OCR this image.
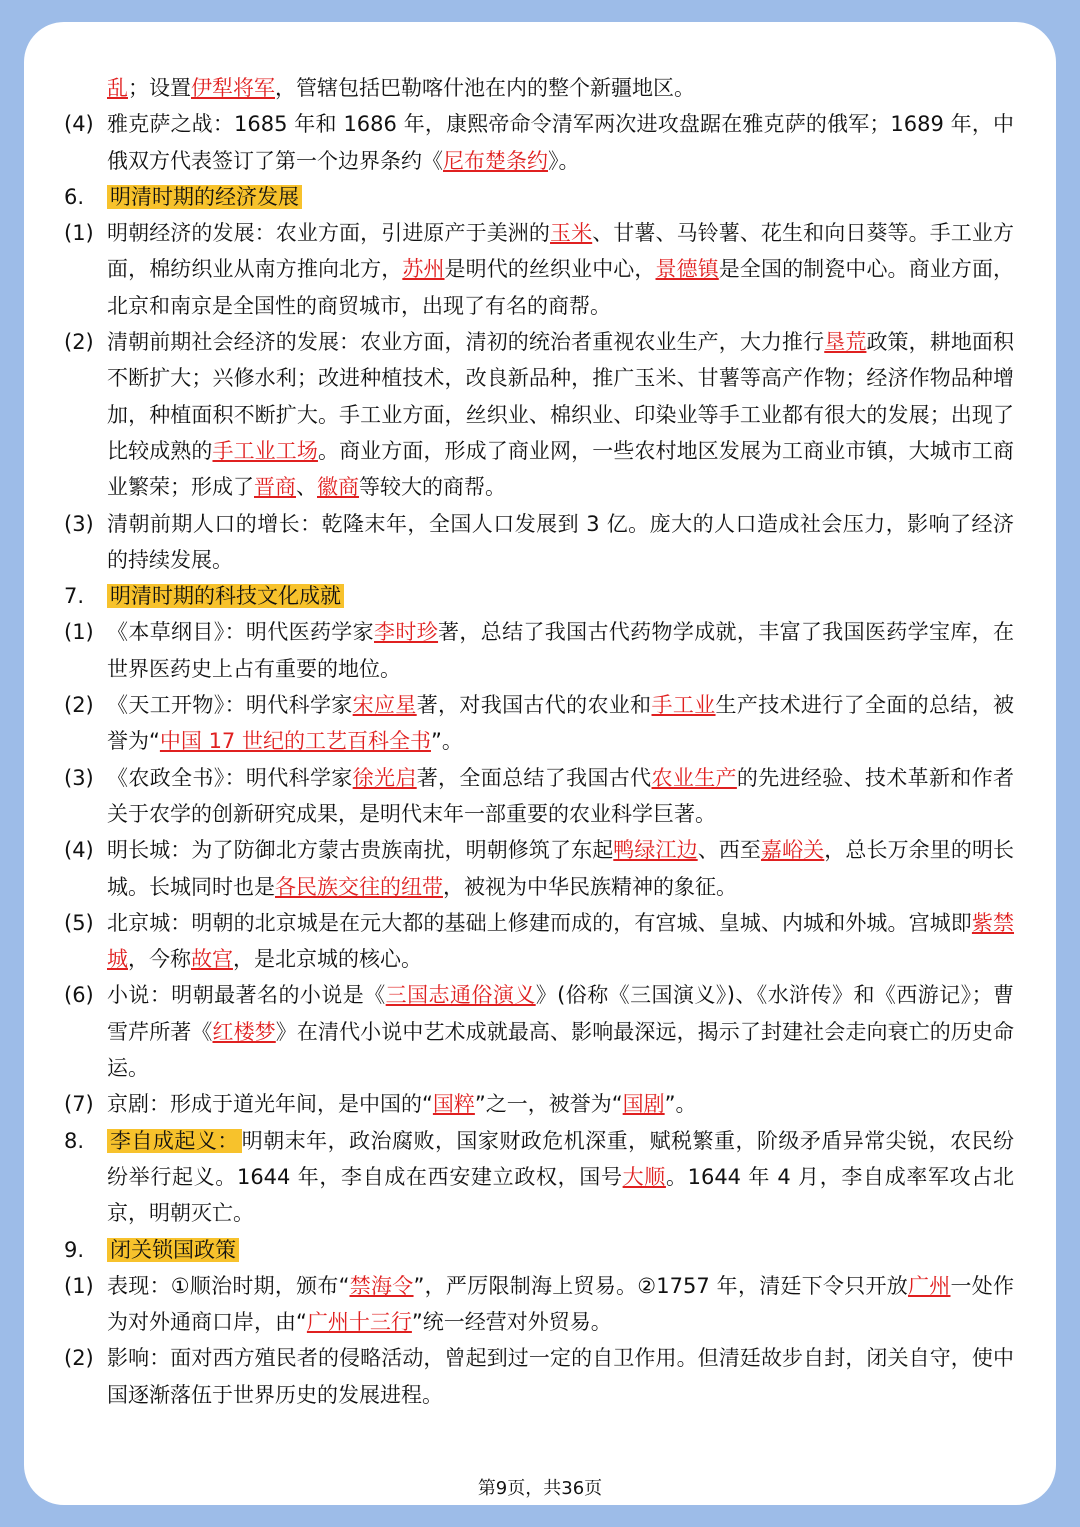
乱；设置伊犁将军，管辖包括巴勒喀什池在内的整个新疆地区。
(4) 雅克萨之战：1685 年和 1686 年，康熙帝命令清军两次进攻盘踞在雅克萨的俄军；1689 年，中俄双方代表签订了第一个边界条约《尼布楚条约》。
6.	明清时期的经济发展
(1) 明朝经济的发展：农业方面，引进原产于美洲的玉米、甘薯、马铃薯、花生和向日葵等。手工业方面，棉纺织业从南方推向北方，苏州是明代的丝织业中心，景德镇是全国的制瓷中心。商业方面，北京和南京是全国性的商贸城市，出现了有名的商帮。
(2) 清朝前期社会经济的发展：农业方面，清初的统治者重视农业生产，大力推行垦荒政策，耕地面积不断扩大；兴修水利；改进种植技术，改良新品种，推广玉米、甘薯等高产作物；经济作物品种增加，种植面积不断扩大。手工业方面，丝织业、棉织业、印染业等手工业都有很大的发展；出现了比较成熟的手工业工场。商业方面，形成了商业网，一些农村地区发展为工商业市镇，大城市工商业繁荣；形成了晋商、徽商等较大的商帮。
(3) 清朝前期人口的增长：乾隆末年，全国人口发展到 3 亿。庞大的人口造成社会压力，影响了经济的持续发展。
7.	明清时期的科技文化成就
(1) 《本草纲目》：明代医药学家李时珍著，总结了我国古代药物学成就，丰富了我国医药学宝库，在世界医药史上占有重要的地位。
(2) 《天工开物》：明代科学家宋应星著，对我国古代的农业和手工业生产技术进行了全面的总结，被誉为“中国 17 世纪的工艺百科全书”。
(3) 《农政全书》：明代科学家徐光启著，全面总结了我国古代农业生产的先进经验、技术革新和作者关于农学的创新研究成果，是明代末年一部重要的农业科学巨著。
(4) 明长城：为了防御北方蒙古贵族南扰，明朝修筑了东起鸭绿江边、西至嘉峪关，总长万余里的明长城。长城同时也是各民族交往的纽带，被视为中华民族精神的象征。
(5) 北京城：明朝的北京城是在元大都的基础上修建而成的，有宫城、皇城、内城和外城。宫城即紫禁城，今称故宫，是北京城的核心。
(6) 小说：明朝最著名的小说是《三国志通俗演义》(俗称《三国演义》)、《水浒传》和《西游记》；曹雪芹所著《红楼梦》在清代小说中艺术成就最高、影响最深远，揭示了封建社会走向衰亡的历史命运。
(7) 京剧：形成于道光年间，是中国的“国粹”之一，被誉为“国剧”。
8.	李自成起义： 明朝末年，政治腐败，国家财政危机深重，赋税繁重，阶级矛盾异常尖锐，农民纷纷举行起义。1644 年，李自成在西安建立政权，国号大顺。1644 年 4 月，李自成率军攻占北京，明朝灭亡。
9.	闭关锁国政策
(1) 表现：①顺治时期，颁布“禁海令”，严厉限制海上贸易。②1757 年，清廷下令只开放广州一处作为对外通商口岸，由“广州十三行”统一经营对外贸易。
(2) 影响：面对西方殖民者的侵略活动，曾起到过一定的自卫作用。但清廷故步自封，闭关自守，使中国逐渐落伍于世界历史的发展进程。
第9页，共36页
